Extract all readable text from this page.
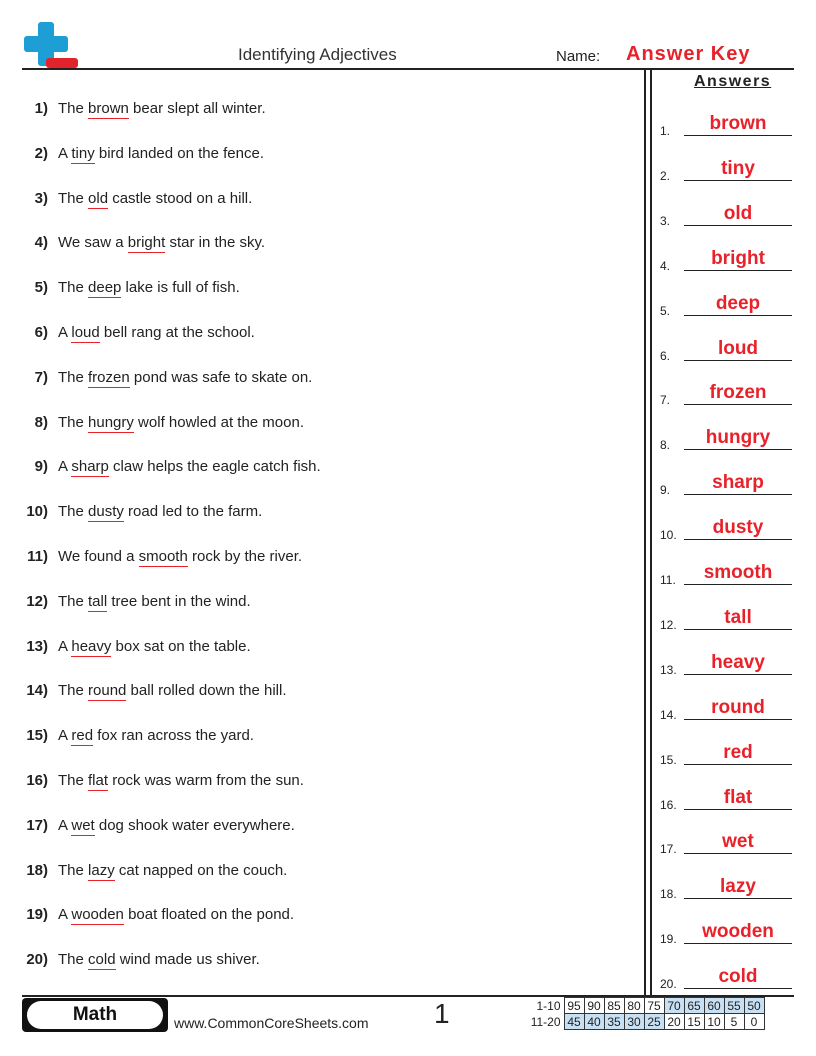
Identifying Adjectives	Name: Answer Key
1) The brown bear slept all winter.
2) A tiny bird landed on the fence.
3) The old castle stood on a hill.
4) We saw a bright star in the sky.
5) The deep lake is full of fish.
6) A loud bell rang at the school.
7) The frozen pond was safe to skate on.
8) The hungry wolf howled at the moon.
9) A sharp claw helps the eagle catch fish.
10) The dusty road led to the farm.
11) We found a smooth rock by the river.
12) The tall tree bent in the wind.
13) A heavy box sat on the table.
14) The round ball rolled down the hill.
15) A red fox ran across the yard.
16) The flat rock was warm from the sun.
17) A wet dog shook water everywhere.
18) The lazy cat napped on the couch.
19) A wooden boat floated on the pond.
20) The cold wind made us shiver.
Answers
1.	brown
2.	tiny
3.	old
4.	bright
5.	deep
6.	loud
7.	frozen
8.	hungry
9.	sharp
10.	dusty
11.	smooth
12.	tall
13.	heavy
14.	round
15.	red
16.	flat
17.	wet
18.	lazy
19.	wooden
20.	cold
Math	www.CommonCoreSheets.com 1	1-10	95	90	85	80	75	70	65	60	55	50
11-20	45	40	35	30	25	20	15	10	5	0
